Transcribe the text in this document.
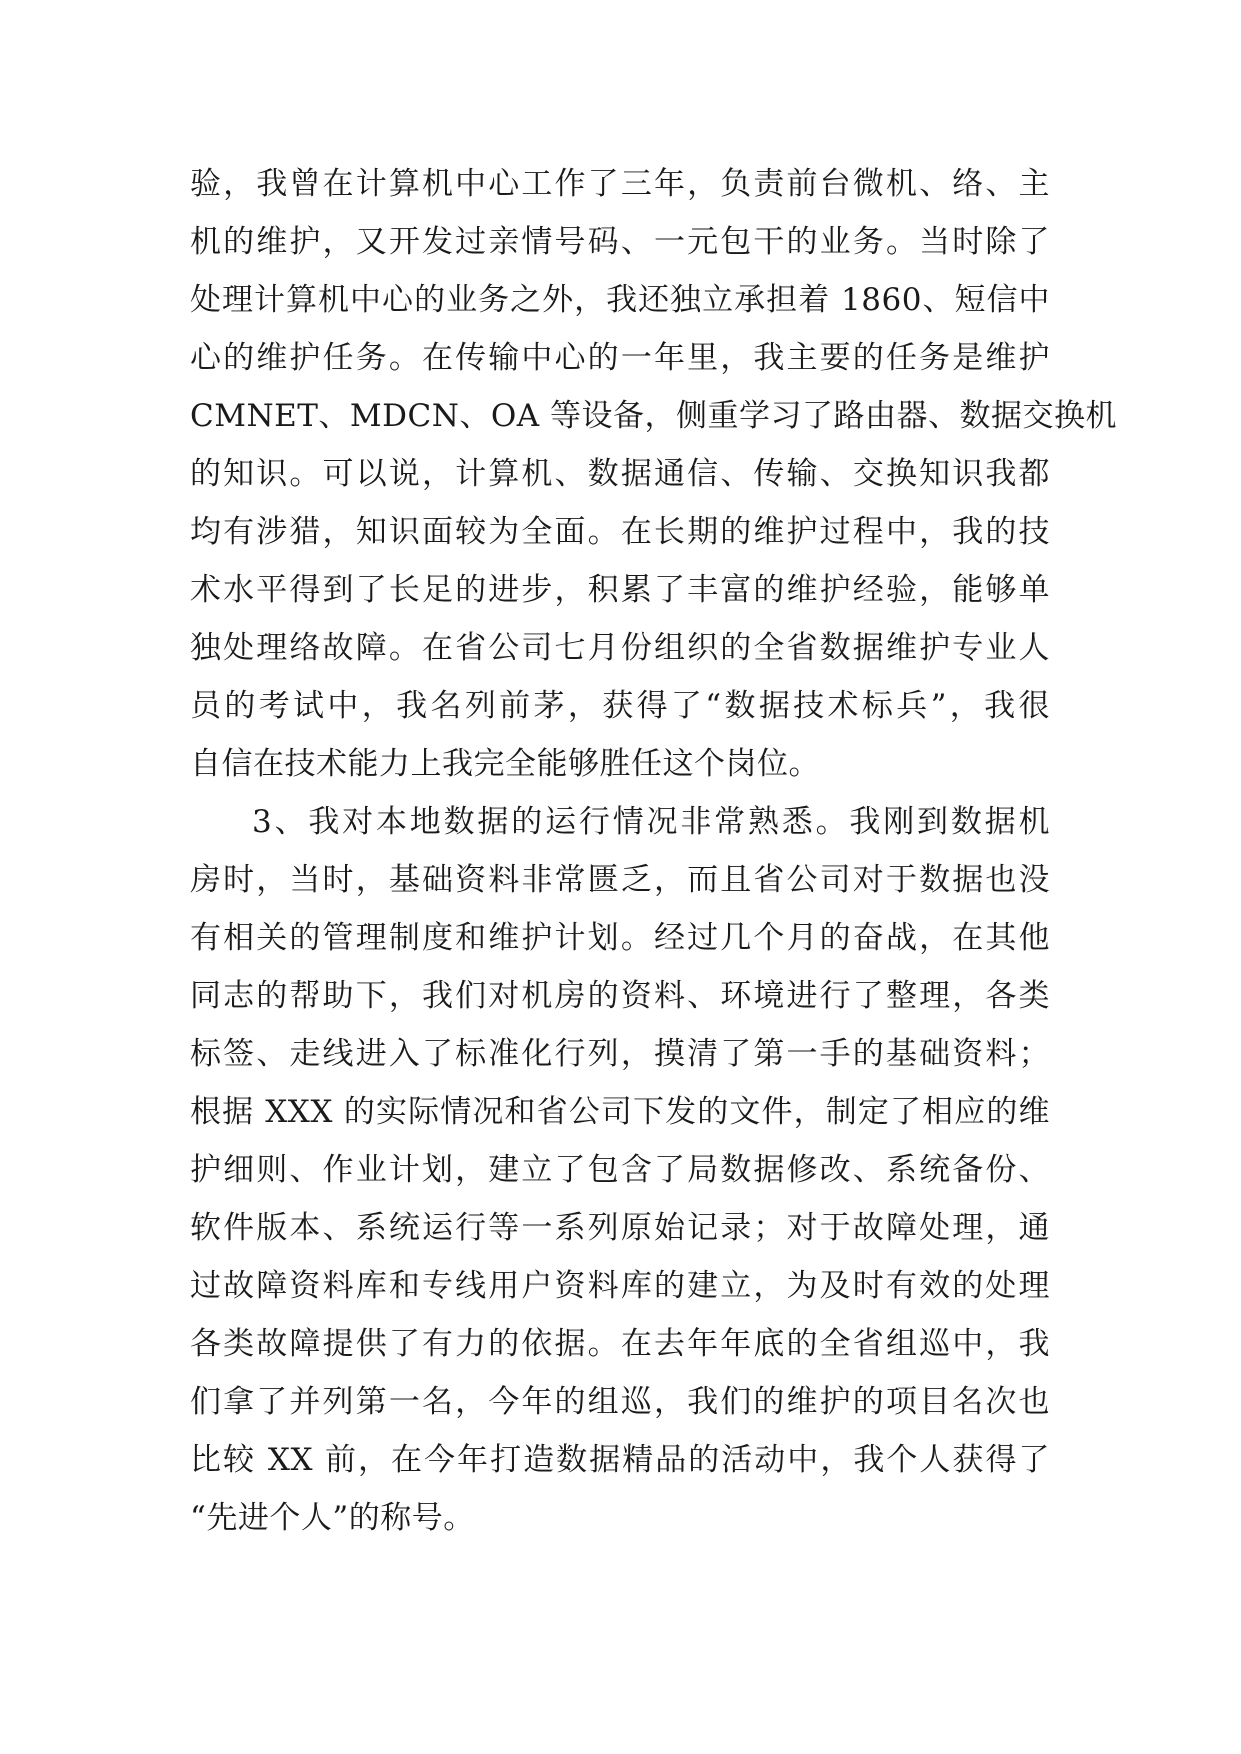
验，我曾在计算机中心工作了三年，负责前台微机、络、主
机的维护，又开发过亲情号码、一元包干的业务。当时除了
处理计算机中心的业务之外，我还独立承担着 1860、短信中
心的维护任务。在传输中心的一年里，我主要的任务是维护
CMNET、MDCN、OA 等设备，侧重学习了路由器、数据交换机
的知识。可以说，计算机、数据通信、传输、交换知识我都
均有涉猎，知识面较为全面。在长期的维护过程中，我的技
术水平得到了长足的进步，积累了丰富的维护经验，能够单
独处理络故障。在省公司七月份组织的全省数据维护专业人
员的考试中，我名列前茅，获得了“数据技术标兵”，我很
自信在技术能力上我完全能够胜任这个岗位。
3、我对本地数据的运行情况非常熟悉。我刚到数据机
房时，当时，基础资料非常匮乏，而且省公司对于数据也没
有相关的管理制度和维护计划。经过几个月的奋战，在其他
同志的帮助下，我们对机房的资料、环境进行了整理，各类
标签、走线进入了标准化行列，摸清了第一手的基础资料；
根据 XXX 的实际情况和省公司下发的文件，制定了相应的维
护细则、作业计划，建立了包含了局数据修改、系统备份、
软件版本、系统运行等一系列原始记录；对于故障处理，通
过故障资料库和专线用户资料库的建立，为及时有效的处理
各类故障提供了有力的依据。在去年年底的全省组巡中，我
们拿了并列第一名，今年的组巡，我们的维护的项目名次也
比较 XX 前，在今年打造数据精品的活动中，我个人获得了
“先进个人”的称号。
